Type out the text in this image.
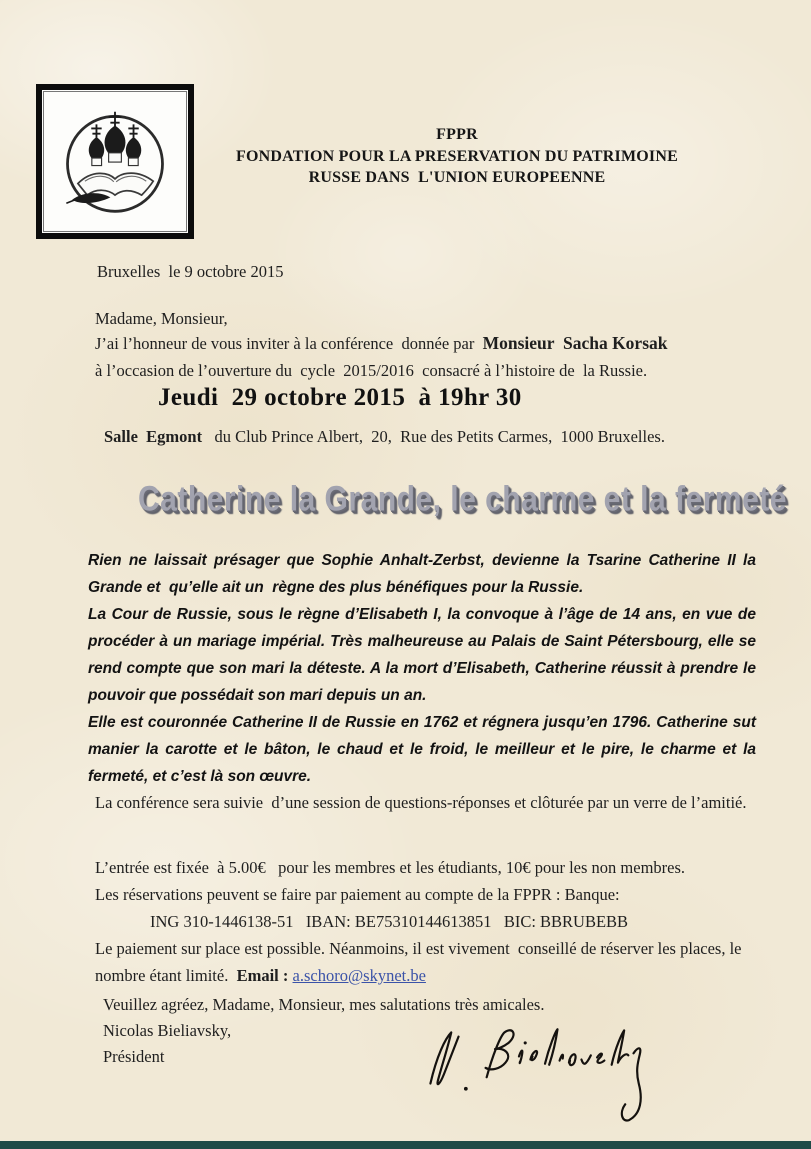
FPPR
FONDATION POUR LA PRESERVATION DU PATRIMOINE
RUSSE DANS  L'UNION EUROPEENNE
Bruxelles  le 9 octobre 2015
Madame, Monsieur,
J’ai l’honneur de vous inviter à la conférence  donnée par  Monsieur  Sacha Korsak
à l’occasion de l’ouverture du  cycle  2015/2016  consacré à l’histoire de  la Russie.
Jeudi  29 octobre 2015  à 19hr 30
Salle  Egmont   du Club Prince Albert,  20,  Rue des Petits Carmes,  1000 Bruxelles.
Catherine la Grande, le charme et la fermeté

Rien ne laissait présager que Sophie Anhalt-Zerbst, devienne la Tsarine Catherine II la Grande et  qu’elle ait un  règne des plus bénéfiques pour la Russie.

La Cour de Russie, sous le règne d’Elisabeth I, la convoque à l’âge de 14 ans, en vue de procéder à un mariage impérial. Très malheureuse au Palais de Saint Pétersbourg, elle se rend compte que son mari la déteste. A la mort d’Elisabeth, Catherine réussit à prendre le pouvoir que possédait son mari depuis un an.

Elle est couronnée Catherine II de Russie en 1762 et régnera jusqu’en 1796. Catherine sut manier la carotte et le bâton, le chaud et le froid, le meilleur et le pire, le charme et la fermeté, et c’est là son œuvre.

La conférence sera suivie  d’une session de questions-réponses et clôturée par un verre de l’amitié.
L’entrée est fixée  à 5.00€   pour les membres et les étudiants, 10€ pour les non membres.
Les réservations peuvent se faire par paiement au compte de la FPPR : Banque:
ING 310-1446138-51   IBAN: BE75310144613851   BIC: BBRUBEBB
Le paiement sur place est possible. Néanmoins, il est vivement  conseillé de réserver les places, le nombre étant limité.  Email : a.schoro@skynet.be
Veuillez agréez, Madame, Monsieur, mes salutations très amicales.
Nicolas Bieliavsky,
Président
